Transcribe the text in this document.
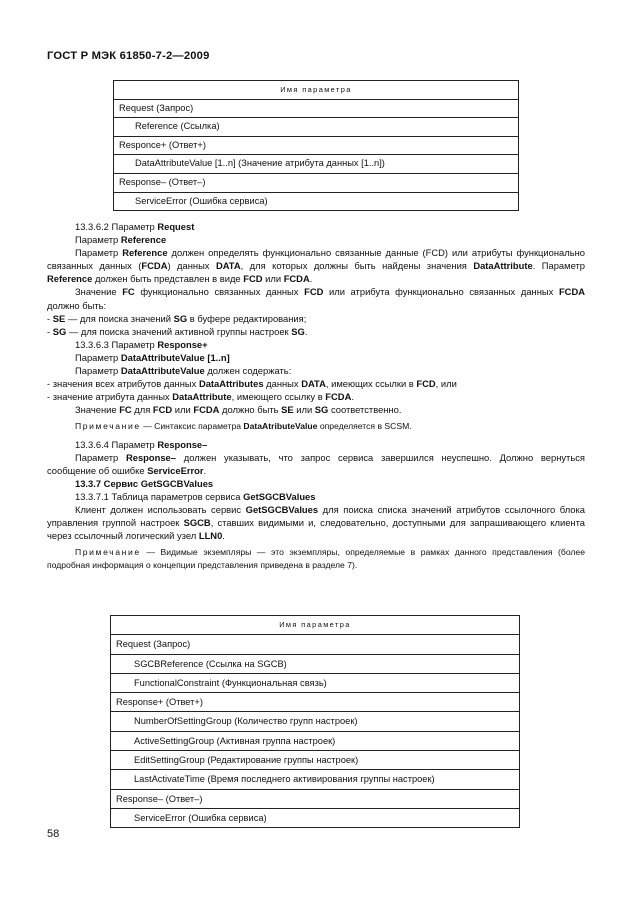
ГОСТ Р МЭК 61850-7-2—2009
Имя параметра
Request (Запрос)
Reference (Ссылка)
Responce+ (Ответ+)
DataAttributeValue [1..n] (Значение атрибута данных [1..n])
Response– (Ответ–)
ServiceError (Ошибка сервиса)

13.3.6.2 Параметр Request

Параметр Reference

Параметр Reference должен определять функционально связанные данные (FCD) или атрибуты функционально связанных данных (FCDA) данных DATA, для которых должны быть найдены значения DataAttribute. Параметр Reference должен быть представлен в виде FCD или FCDA.

Значение FC функционально связанных данных FCD или атрибута функционально связанных данных FCDA должно быть:

- SE — для поиска значений SG в буфере редактирования;

- SG — для поиска значений активной группы настроек SG.

13.3.6.3 Параметр Response+

Параметр DataAttributeValue [1..n]

Параметр DataAttributeValue должен содержать:

- значения всех атрибутов данных DataAttributes данных DATA, имеющих ссылки в FCD, или

- значение атрибута данных DataAttribute, имеющего ссылку в FCDA.

Значение FC для FCD или FCDA должно быть SE или SG соответственно.

Примечание — Синтаксис параметра DataAtributeValue определяется в SCSM.

13.3.6.4 Параметр Response–

Параметр Response– должен указывать, что запрос сервиса завершился неуспешно. Должно вернуться сообщение об ошибке ServiceError.

13.3.7 Сервис GetSGCBValues

13.3.7.1 Таблица параметров сервиса GetSGCBValues

Клиент должен использовать сервис GetSGCBValues для поиска списка значений атрибутов ссылочного блока управления группой настроек SGCB, ставших видимыми и, следовательно, доступными для запрашивающего клиента через ссылочный логический узел LLN0.

Примечание — Видимые экземпляры — это экземпляры, определяемые в рамках данного представления (более подробная информация о концепции представления приведена в разделе 7).

Имя параметра
Request (Запрос)
SGCBReference (Ссылка на SGCB)
FunctionalConstraint (Функциональная связь)
Response+ (Ответ+)
NumberOfSettingGroup (Количество групп настроек)
ActiveSettingGroup (Активная группа настроек)
EditSettingGroup (Редактирование группы настроек)
LastActivateTime (Время последнего активирования группы настроек)
Response– (Ответ–)
ServiceError (Ошибка сервиса)
58
